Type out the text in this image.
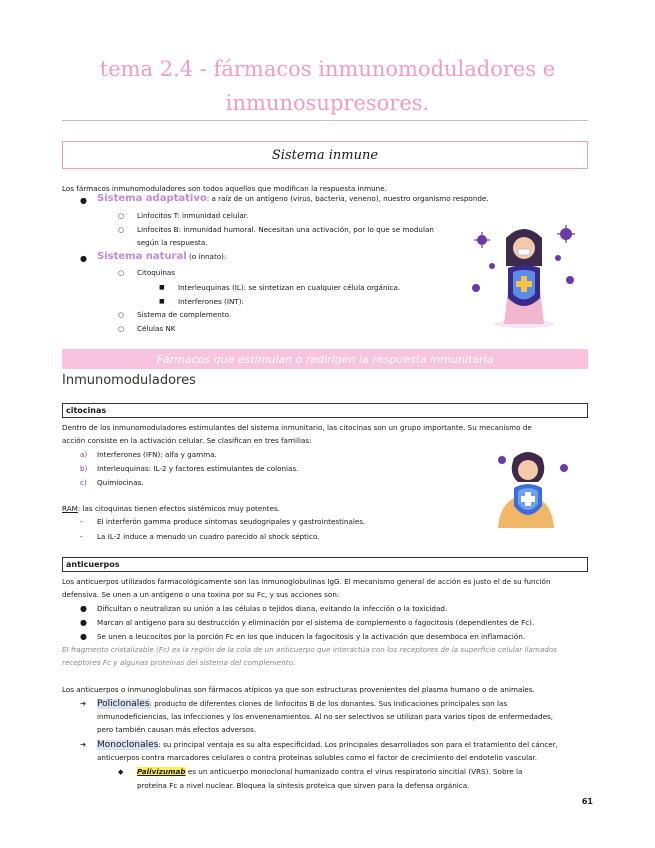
tema 2.4 - fármacos inmunomoduladores e
inmunosupresores.
Sistema inmune
Los fármacos inmunomoduladores son todos aquellos que modifican la respuesta inmune.
● Sistema adaptativo: a raíz de un antígeno (virus, bacteria, veneno), nuestro organismo responde.
○ Linfocitos T: inmunidad celular.
○ Linfocitos B: inmunidad humoral. Necesitan una activación, por lo que se modulan
según la respuesta.
● Sistema natural (o innato):
○ Citoquinas
■ Interleuquinas (IL): se sintetizan en cualquier célula orgánica.
■ Interferones (INT):
○ Sistema de complemento.
○ Células NK
Fármacos que estimulan o redirigen la respuesta inmunitaria
Inmunomoduladores
citocinas
Dentro de los inmunomoduladores estimulantes del sistema inmunitario, las citocinas son un grupo importante. Su mecanismo de
acción consiste en la activación celular. Se clasifican en tres familias:
a) Interferones (IFN): alfa y gamma.
b) Interleuquinas: IL-2 y factores estimulantes de colonias.
c) Quimiocinas.
RAM: las citoquinas tienen efectos sistémicos muy potentes.
- El interferón gamma produce síntomas seudogripales y gastrointestinales.
- La IL-2 induce a menudo un cuadro parecido al shock séptico.
anticuerpos
Los anticuerpos utilizados farmacológicamente son las inmunoglobulinas IgG. El mecanismo general de acción es justo el de su función
defensiva. Se unen a un antígeno o una toxina por su Fc, y sus acciones son:
● Dificultan o neutralizan su unión a las células o tejidos diana, evitando la infección o la toxicidad.
● Marcan al antígeno para su destrucción y eliminación por el sistema de complemento o fagocitosis (dependientes de Fc).
● Se unen a leucocitos por la porción Fc en los que inducen la fagocitosis y la activación que desemboca en inflamación.
El fragmento cristalizable (Fc) es la región de la cola de un anticuerpo que interactúa con los receptores de la superficie celular llamados
receptores Fc y algunas proteínas del sistema del complemento.
Los anticuerpos o inmunoglobulinas son fármacos atípicos ya que son estructuras provenientes del plasma humano o de animales.
➔ Policlonales: producto de diferentes clones de linfocitos B de los donantes. Sus indicaciones principales son las
inmunodeficiencias, las infecciones y los envenenamientos. Al no ser selectivos se utilizan para varios tipos de enfermedades,
pero también causan más efectos adversos.
➔ Monoclonales: su principal ventaja es su alta especificidad. Los principales desarrollados son para el tratamiento del cáncer,
anticuerpos contra marcadores celulares o contra proteínas solubles como el factor de crecimiento del endotelio vascular.
◆ Palivizumab es un anticuerpo monoclonal humanizado contra el virus respiratorio sincitial (VRS). Sobre la
proteína Fc a nivel nuclear. Bloquea la síntesis proteica que sirven para la defensa orgánica.
61
